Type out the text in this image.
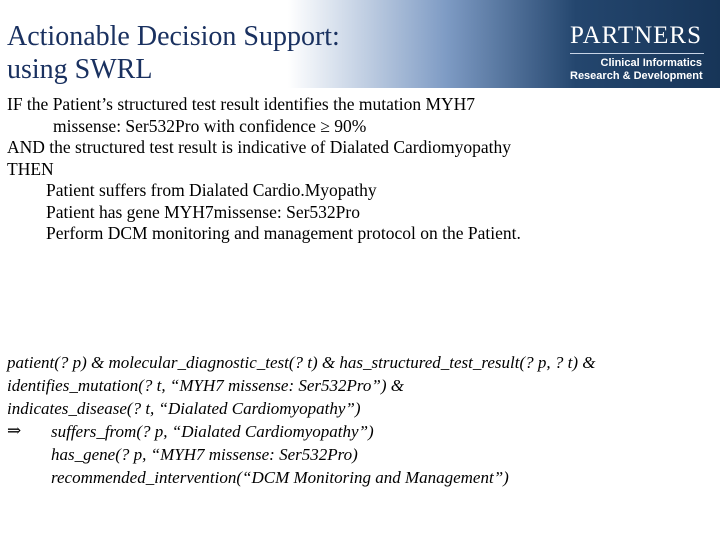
Actionable Decision Support:
using SWRL
PARTNERS
Clinical Informatics
Research & Development
IF the Patient’s structured test result identifies the mutation MYH7
missense: Ser532Pro with confidence ≥ 90%
AND the structured test result is indicative of Dialated Cardiomyopathy
THEN
Patient suffers from Dialated Cardio.Myopathy
Patient has gene MYH7missense: Ser532Pro
Perform DCM monitoring and management protocol on the Patient.
patient(? p) & molecular_diagnostic_test(? t) & has_structured_test_result(? p, ? t) &
identifies_mutation(? t, “MYH7 missense: Ser532Pro”) &
indicates_disease(? t, “Dialated Cardiomyopathy”)
⇒ suffers_from(? p, “Dialated Cardiomyopathy”)
has_gene(? p, “MYH7 missense: Ser532Pro)
recommended_intervention(“DCM Monitoring and Management”)
